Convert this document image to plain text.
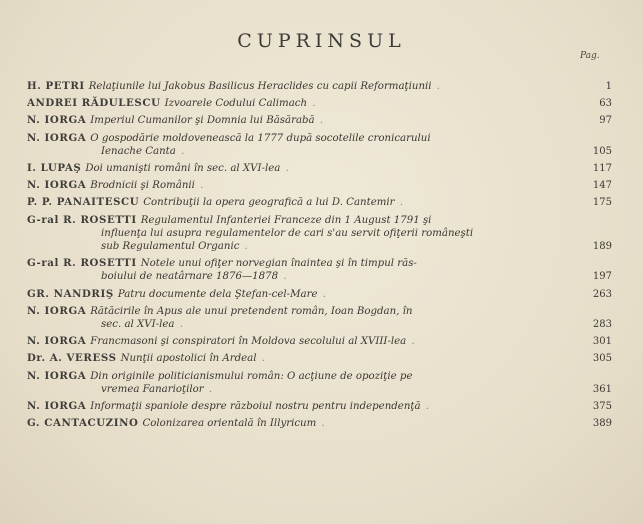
CUPRINSUL
Pag.
H. PETRI Relaţiunile lui Jakobus Basilicus Heraclides cu capii Reformaţiunii .	1
ANDREI RĂDULESCU Izvoarele Codului Calimach .	63
N. IORGA Imperiul Cumanilor şi Domnia lui Băsărabă .	97
N. IORGA O gospodărie moldovenească la 1777 după socotelile cronicarului
Ienache Canta .	105
I. LUPAŞ Doi umanişti români în sec. al XVI-lea .	117
N. IORGA Brodnicii şi Românii .	147
P. P. PANAITESCU Contribuţii la opera geografică a lui D. Cantemir .	175
G-ral R. ROSETTI Regulamentul Infanteriei Franceze din 1 August 1791 şi
influenţa lui asupra regulamentelor de cari s'au servit ofiţerii româneşti
sub Regulamentul Organic .	189
G-ral R. ROSETTI Notele unui ofiţer norvegian înaintea şi în timpul răs-
boiului de neatârnare 1876—1878 .	197
GR. NANDRIŞ Patru documente dela Ştefan-cel-Mare .	263
N. IORGA Rătăcirile în Apus ale unui pretendent român, Ioan Bogdan, în
sec. al XVI-lea .	283
N. IORGA Francmasoni şi conspiratori în Moldova secolului al XVIII-lea .	301
Dr. A. VERESS Nunţii apostolici în Ardeal .	305
N. IORGA Din originile politicianismului român: O acţiune de opoziţie pe
vremea Fanarioţilor .	361
N. IORGA Informaţii spaniole despre războiul nostru pentru independenţă .	375
G. CANTACUZINO Colonizarea orientală în Illyricum .	389
